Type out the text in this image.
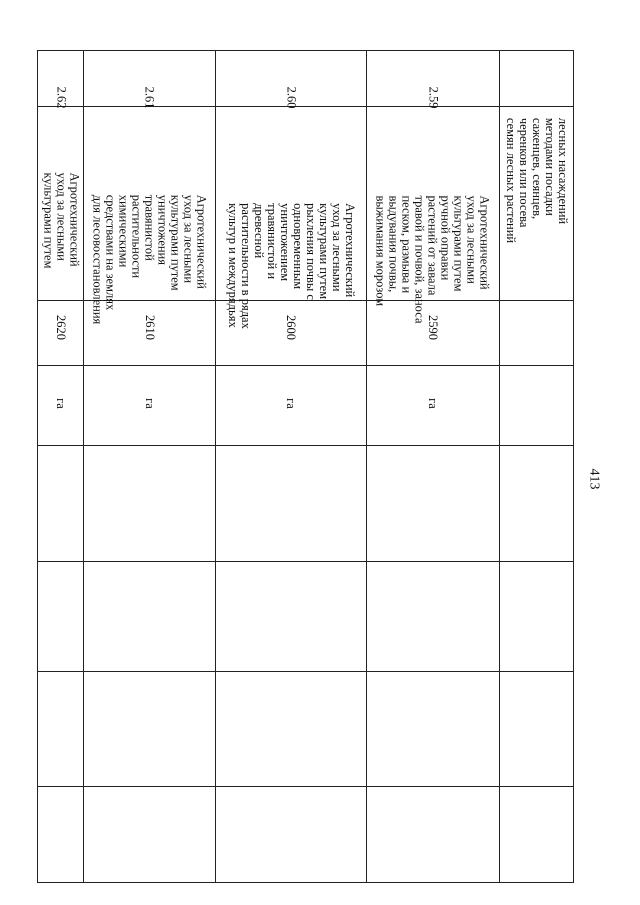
413
лесных насаждений
методами посадки
саженцев, сеянцев,
черенков или посева
семян лесных растений
2.59
Агротехнический
уход за лесными
культурами путем
ручной оправки
растений от завала
травой и почвой, заноса
песком, размыва и
выдувания почвы,
выжимания морозом
2590
га
2.60
Агротехнический
уход за лесными
культурами путем
рыхления почвы с
одновременным
уничтожением
травянистой и
древесной
растительности в рядах
культур и междурядьях	2600
га
2.61
Агротехнический
уход за лесными
культурами путем
уничтожения
травянистой
растительности
химическими
средствами на землях
для лесовосстановления
2610
га
2.62
Агротехнический
уход за лесными
культурами путем
2620
га
